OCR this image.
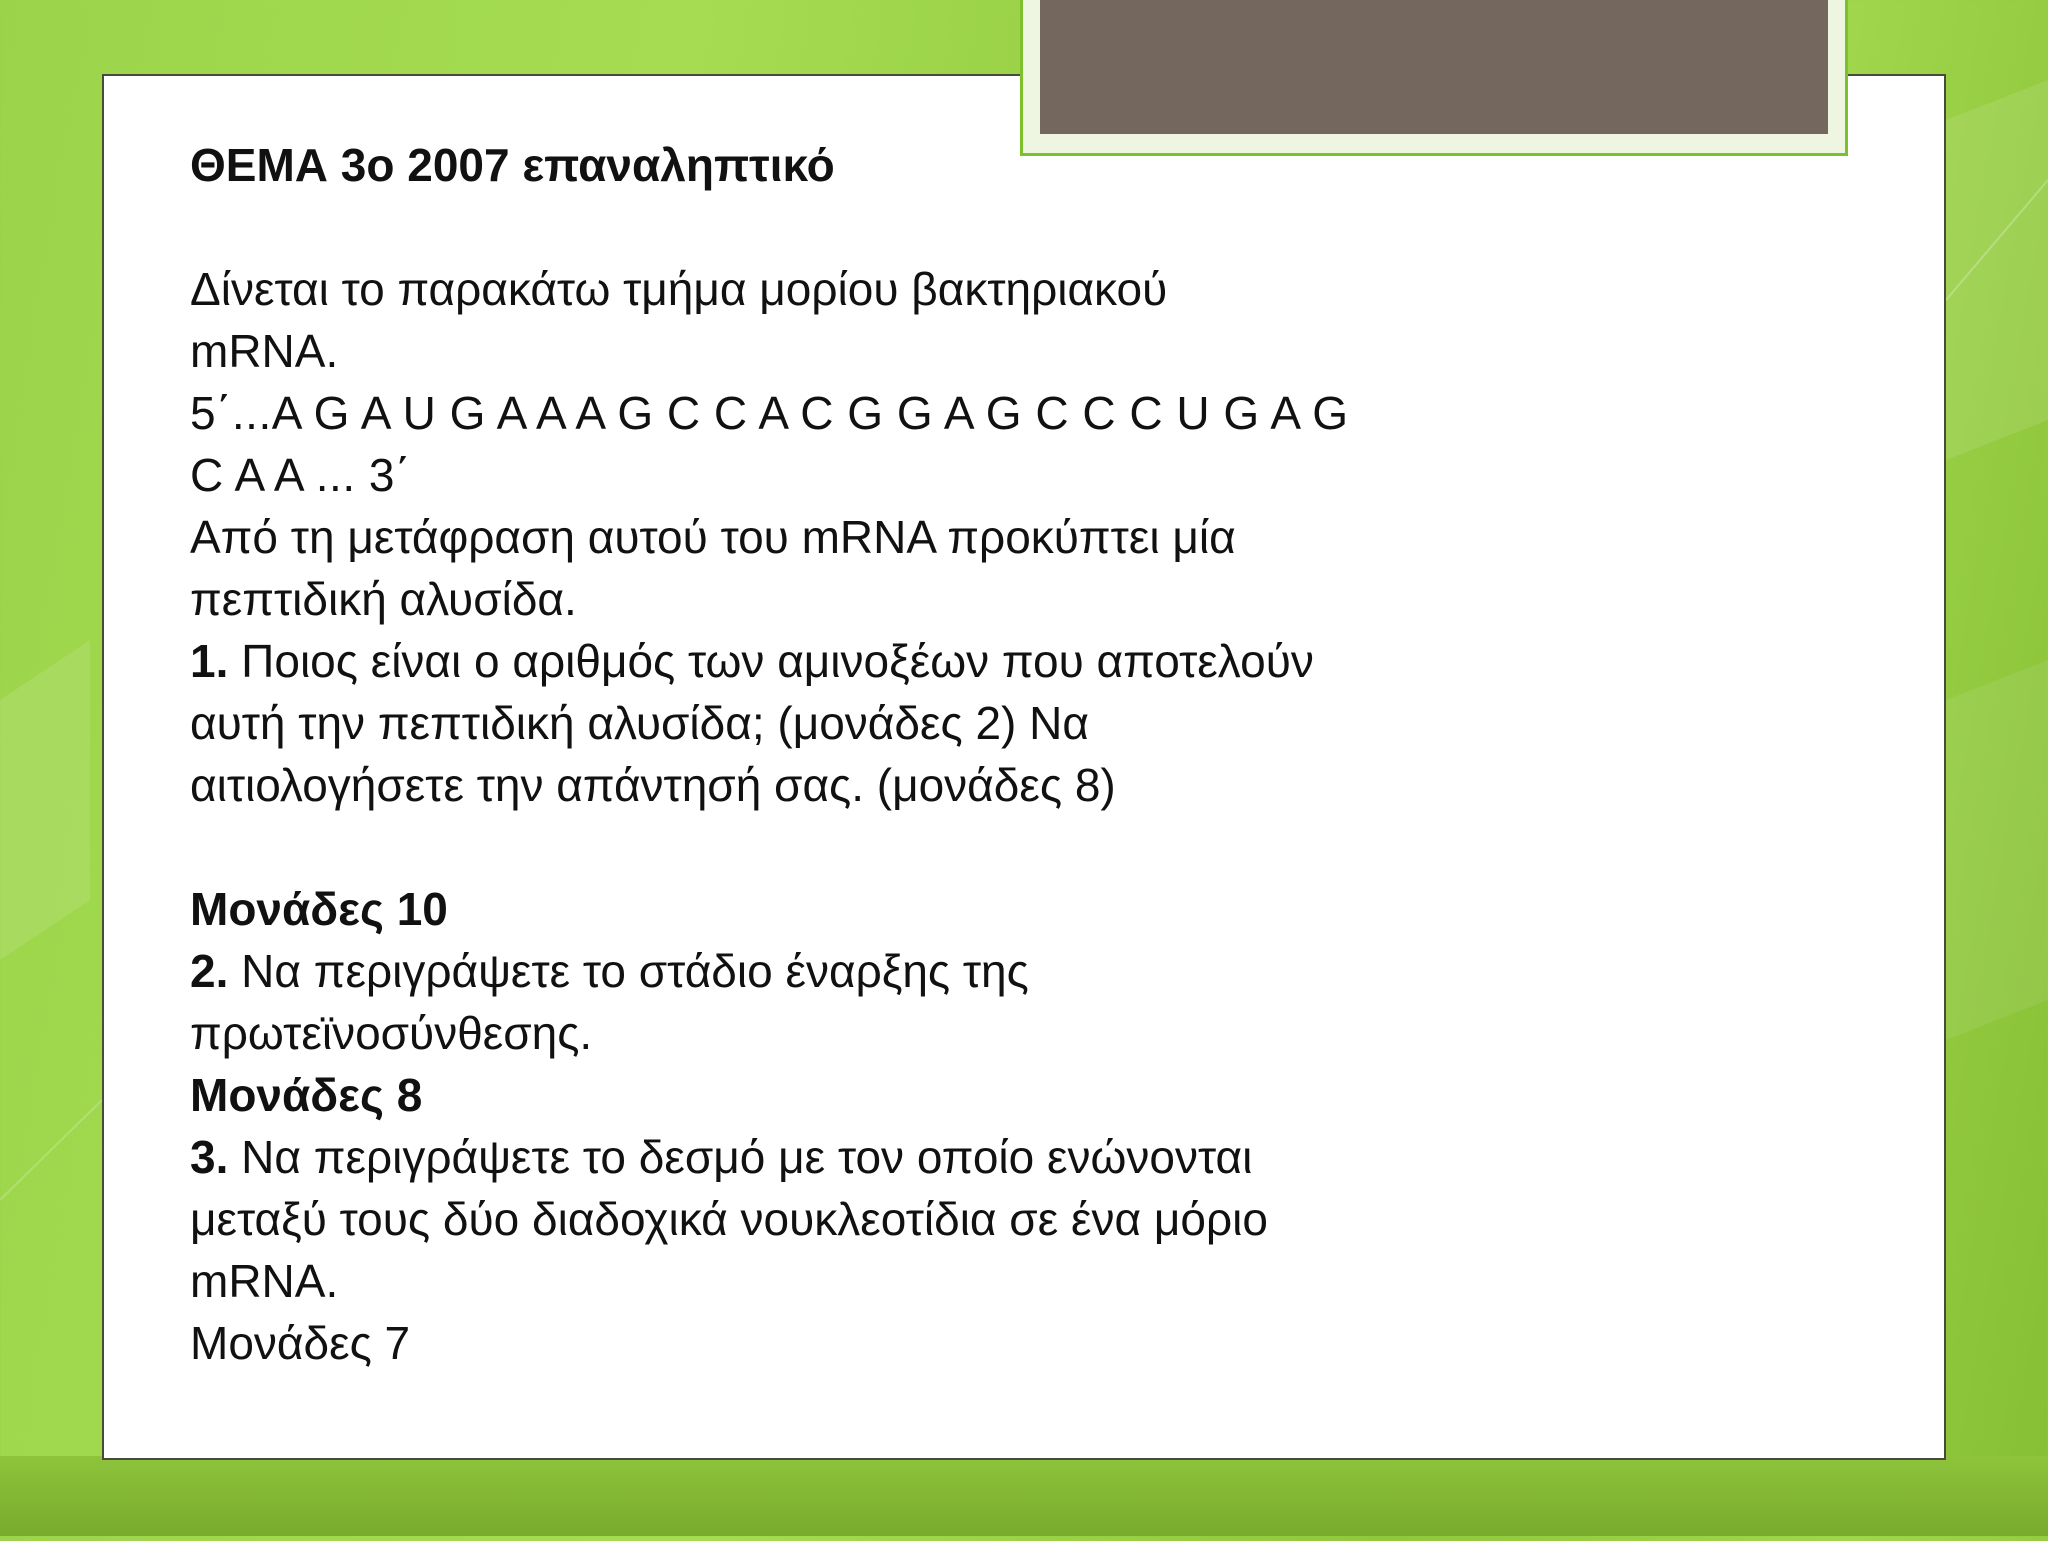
ΘΕΜΑ 3ο 2007 επαναληπτικό
Δίνεται το παρακάτω τμήμα μορίου βακτηριακού
mRNA.
5΄...A G A U G A A A G C C A C G G A G C C C U G A G
C A A ... 3΄
Από τη μετάφραση αυτού του mRNA προκύπτει μία
πεπτιδική αλυσίδα.
1. Ποιος είναι ο αριθμός των αμινοξέων που αποτελούν
αυτή την πεπτιδική αλυσίδα; (μονάδες 2) Να
αιτιολογήσετε την απάντησή σας. (μονάδες 8)
Μονάδες 10
2. Να περιγράψετε το στάδιο έναρξης της
πρωτεϊνοσύνθεσης.
Μονάδες 8
3. Να περιγράψετε το δεσμό με τον οποίο ενώνονται
μεταξύ τους δύο διαδοχικά νουκλεοτίδια σε ένα μόριο
mRNA.
Μονάδες 7
